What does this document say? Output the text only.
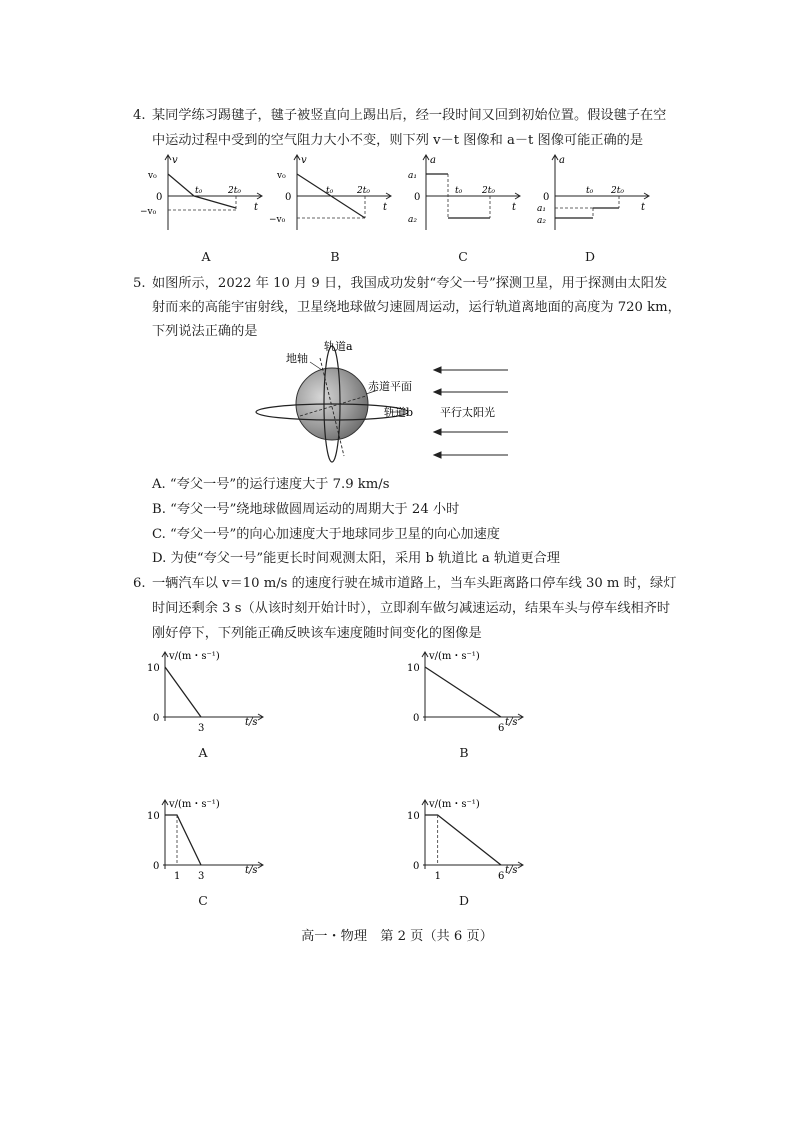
4. 某同学练习踢毽子，毽子被竖直向上踢出后，经一段时间又回到初始位置。假设毽子在空
中运动过程中受到的空气阻力大小不变，则下列 v－t 图像和 a－t 图像可能正确的是
v
v₀
0
−v₀
t₀	2t₀
t
v
v₀
0
−v₀
t₀	2t₀
t
a
a₁
0
a₂
t₀ 2t₀
t
a
0
a₁
a₂
t₀ 2t₀
t
A	B	C	D
5. 如图所示，2022 年 10 月 9 日，我国成功发射“夸父一号”探测卫星，用于探测由太阳发
射而来的高能宇宙射线，卫星绕地球做匀速圆周运动，运行轨道离地面的高度为 720 km，
下列说法正确的是
地轴
轨道a
赤道平面
轨道b 平行太阳光
A. “夸父一号”的运行速度大于 7.9 km/s
B. “夸父一号”绕地球做圆周运动的周期大于 24 小时
C. “夸父一号”的向心加速度大于地球同步卫星的向心加速度
D. 为使“夸父一号”能更长时间观测太阳，采用 b 轨道比 a 轨道更合理
6. 一辆汽车以 v＝10 m/s 的速度行驶在城市道路上，当车头距离路口停车线 30 m 时，绿灯
时间还剩余 3 s（从该时刻开始计时），立即刹车做匀减速运动，结果车头与停车线相齐时
刚好停下，下列能正确反映该车速度随时间变化的图像是
v/(m・s⁻¹)
t/s
0
10
3
v/(m・s⁻¹)
t/s
0
10
6
v/(m・s⁻¹)
t/s
0
10
1 3
v/(m・s⁻¹)
t/s
0
10
1	6
A	B
C	D
高一・物理　第 2 页（共 6 页）
